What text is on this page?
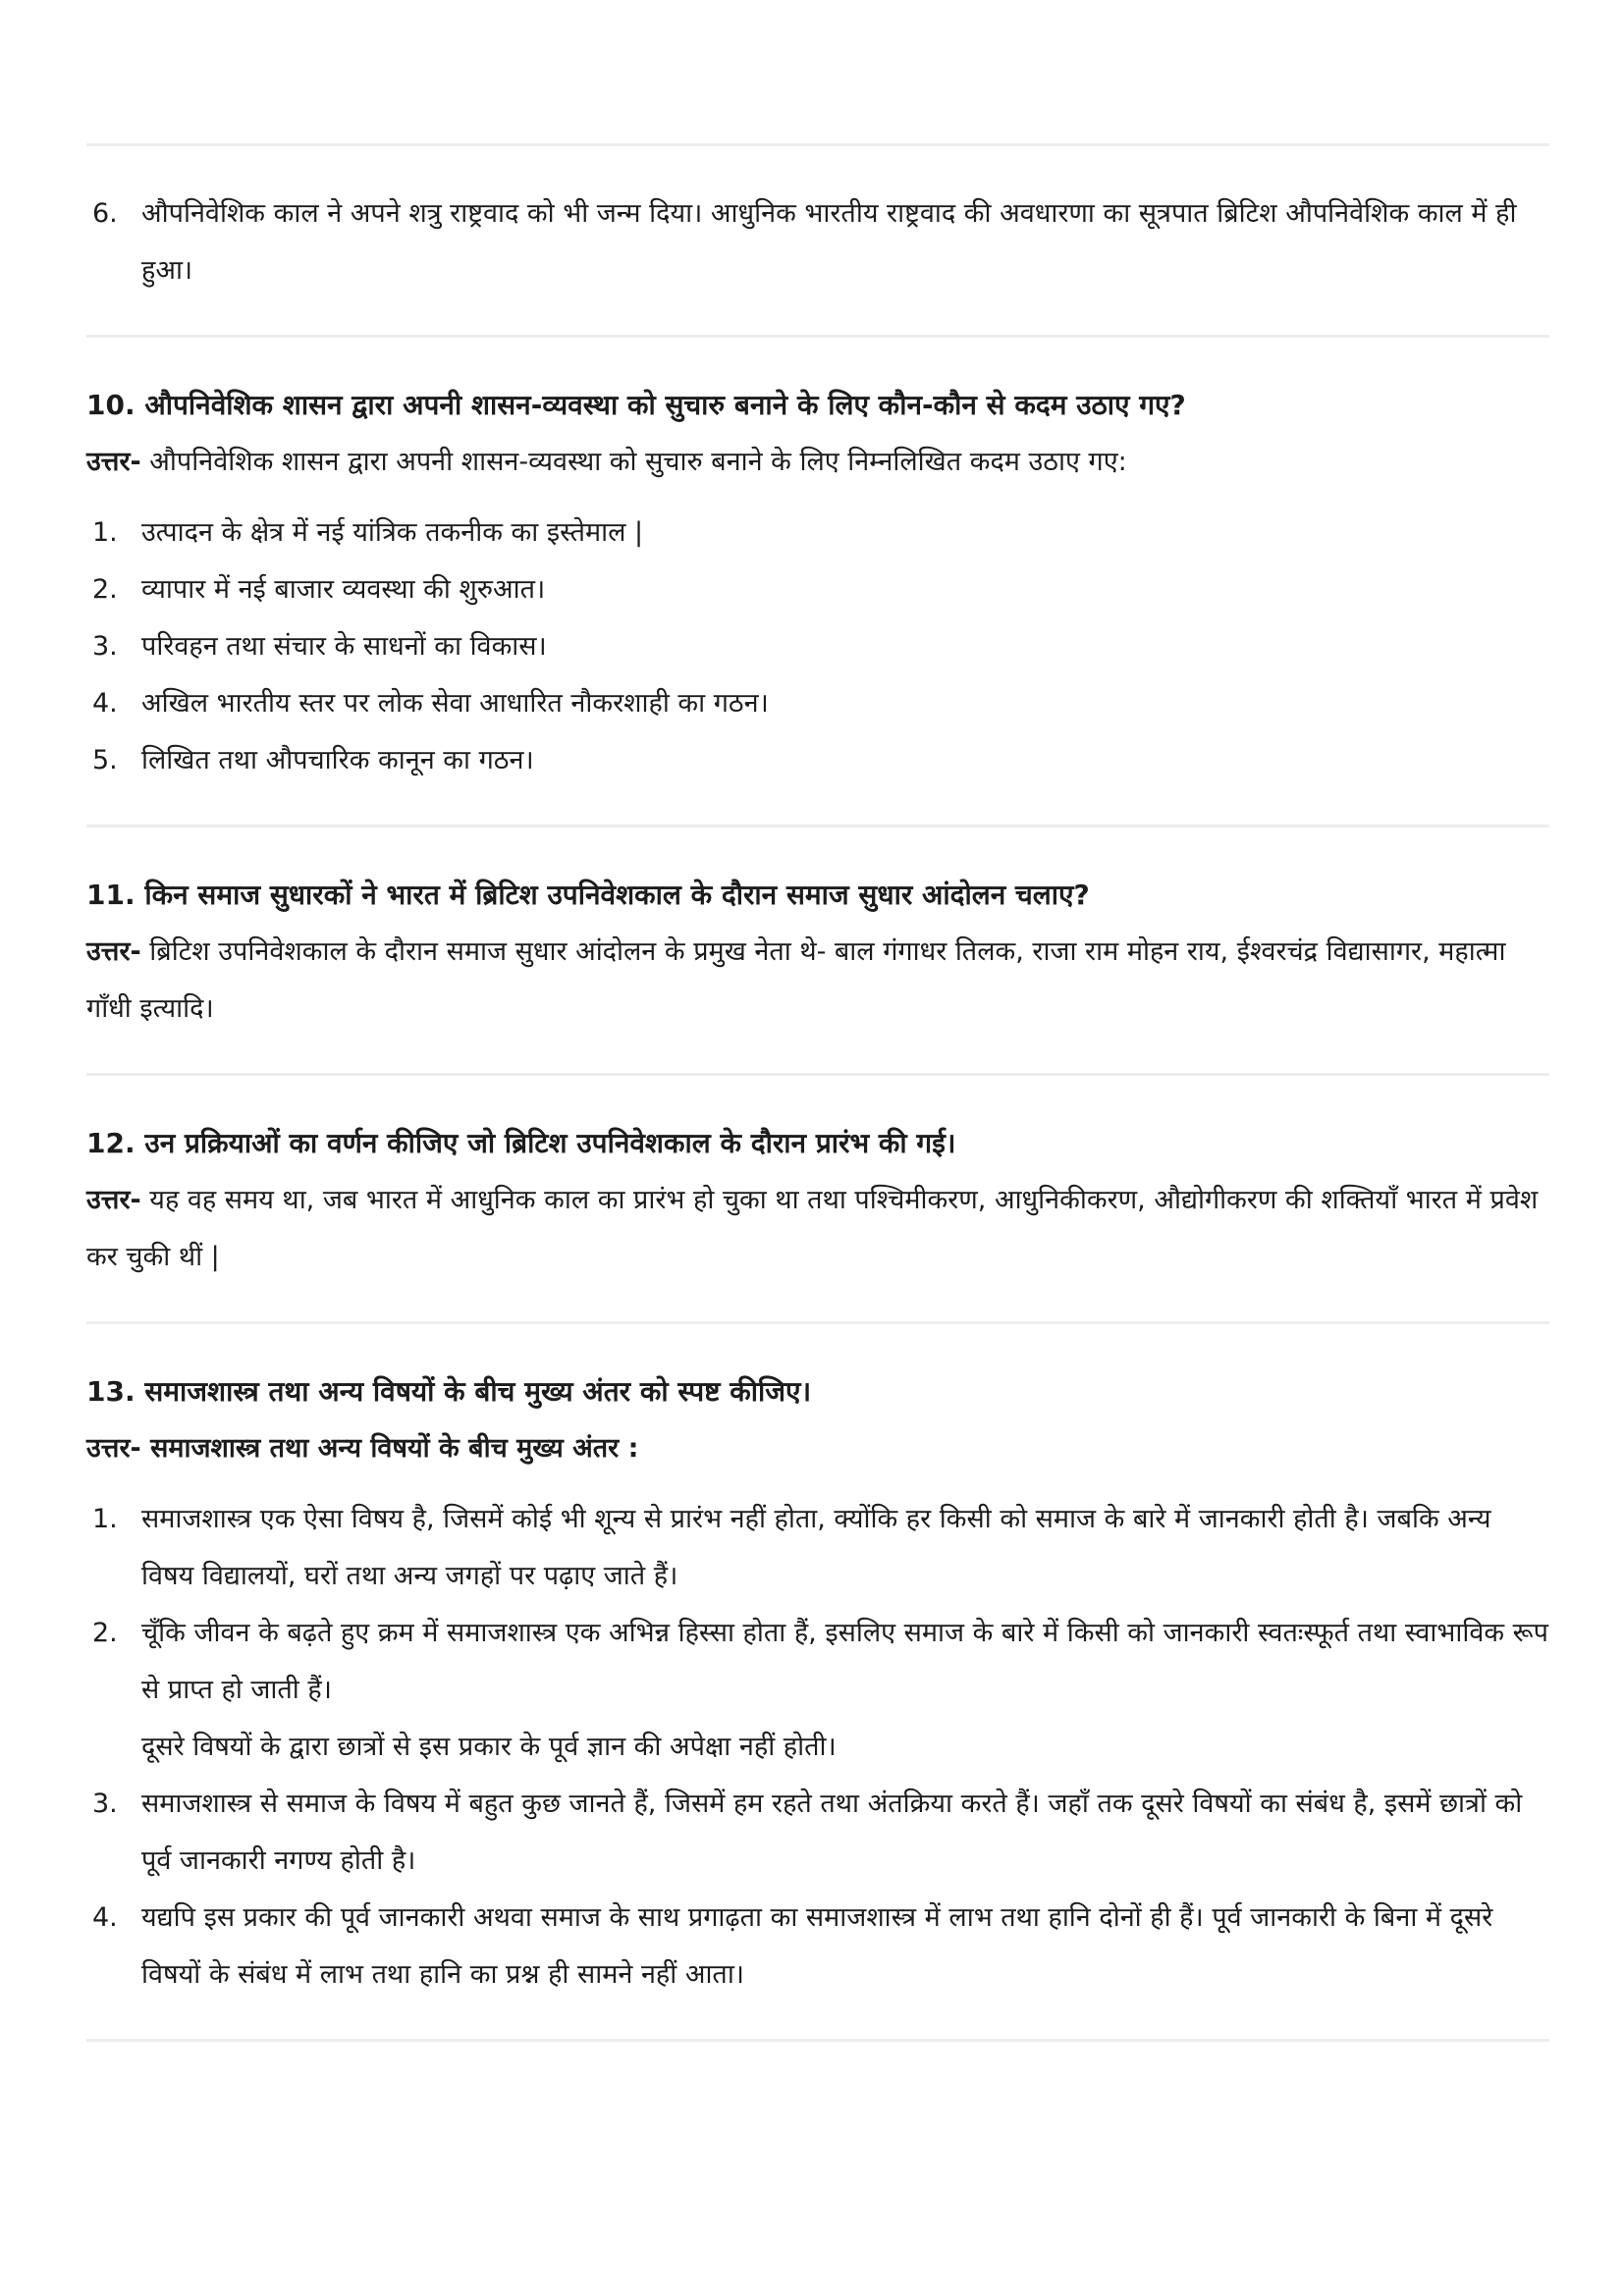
6. औपनिवेशिक काल ने अपने शत्रु राष्ट्रवाद को भी जन्म दिया। आधुनिक भारतीय राष्ट्रवाद की अवधारणा का सूत्रपात ब्रिटिश औपनिवेशिक काल में ही हुआ।
10. औपनिवेशिक शासन द्वारा अपनी शासन-व्यवस्था को सुचारु बनाने के लिए कौन-कौन से कदम उठाए गए?
उत्तर- औपनिवेशिक शासन द्वारा अपनी शासन-व्यवस्था को सुचारु बनाने के लिए निम्नलिखित कदम उठाए गए:
1. उत्पादन के क्षेत्र में नई यांत्रिक तकनीक का इस्तेमाल |
2. व्यापार में नई बाजार व्यवस्था की शुरुआत।
3. परिवहन तथा संचार के साधनों का विकास।
4. अखिल भारतीय स्तर पर लोक सेवा आधारित नौकरशाही का गठन।
5. लिखित तथा औपचारिक कानून का गठन।
11. किन समाज सुधारकों ने भारत में ब्रिटिश उपनिवेशकाल के दौरान समाज सुधार आंदोलन चलाए?
उत्तर- ब्रिटिश उपनिवेशकाल के दौरान समाज सुधार आंदोलन के प्रमुख नेता थे- बाल गंगाधर तिलक, राजा राम मोहन राय, ईश्वरचंद्र विद्यासागर, महात्मा गाँधी इत्यादि।
12. उन प्रक्रियाओं का वर्णन कीजिए जो ब्रिटिश उपनिवेशकाल के दौरान प्रारंभ की गई।
उत्तर- यह वह समय था, जब भारत में आधुनिक काल का प्रारंभ हो चुका था तथा पश्चिमीकरण, आधुनिकीकरण, औद्योगीकरण की शक्तियाँ भारत में प्रवेश कर चुकी थीं |
13. समाजशास्त्र तथा अन्य विषयों के बीच मुख्य अंतर को स्पष्ट कीजिए।
उत्तर- समाजशास्त्र तथा अन्य विषयों के बीच मुख्य अंतर :
1. समाजशास्त्र एक ऐसा विषय है, जिसमें कोई भी शून्य से प्रारंभ नहीं होता, क्योंकि हर किसी को समाज के बारे में जानकारी होती है। जबकि अन्य विषय विद्यालयों, घरों तथा अन्य जगहों पर पढ़ाए जाते हैं।
2. चूँकि जीवन के बढ़ते हुए क्रम में समाजशास्त्र एक अभिन्न हिस्सा होता हैं, इसलिए समाज के बारे में किसी को जानकारी स्वतःस्फूर्त तथा स्वाभाविक रूप से प्राप्त हो जाती हैं।
दूसरे विषयों के द्वारा छात्रों से इस प्रकार के पूर्व ज्ञान की अपेक्षा नहीं होती।
3. समाजशास्त्र से समाज के विषय में बहुत कुछ जानते हैं, जिसमें हम रहते तथा अंतक्रिया करते हैं। जहाँ तक दूसरे विषयों का संबंध है, इसमें छात्रों को पूर्व जानकारी नगण्य होती है।
4. यद्यपि इस प्रकार की पूर्व जानकारी अथवा समाज के साथ प्रगाढ़ता का समाजशास्त्र में लाभ तथा हानि दोनों ही हैं। पूर्व जानकारी के बिना में दूसरे विषयों के संबंध में लाभ तथा हानि का प्रश्न ही सामने नहीं आता।
